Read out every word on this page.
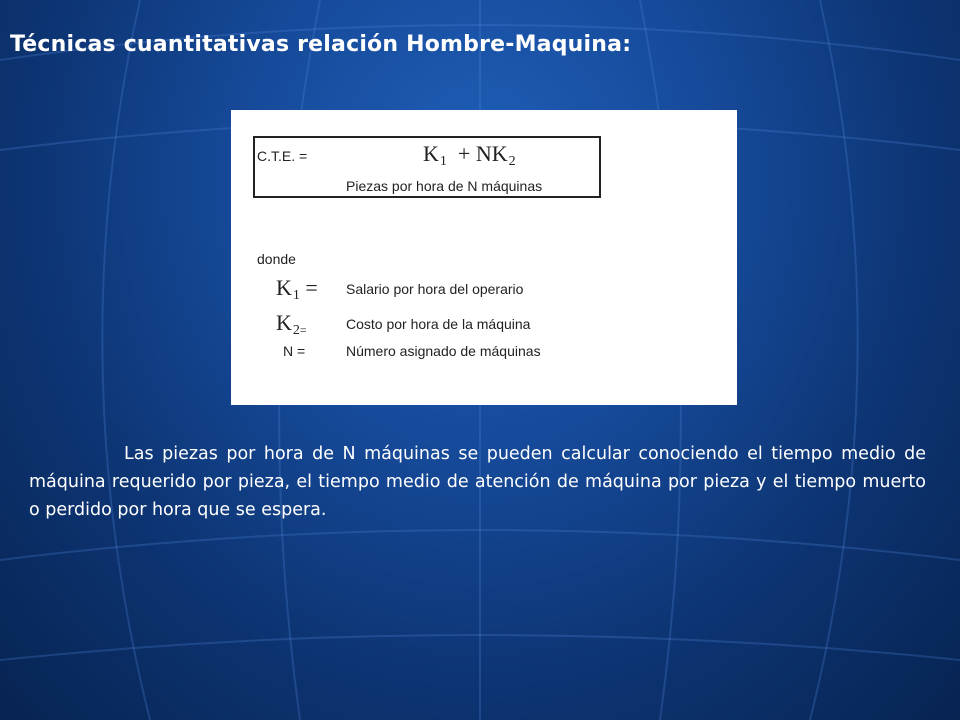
Técnicas cuantitativas relación Hombre-Maquina:
C.T.E. =	$K_1 + NK_2$
Piezas por hora de N máquinas
donde
$K_1$ = Salario por hora del operario
$K_2=$	Costo por hora de la máquina
N =	Número asignado de máquinas
Las piezas por hora de N máquinas se pueden calcular conociendo el tiempo medio de máquina requerido por pieza, el tiempo medio de atención de máquina por pieza y el tiempo muerto o perdido por hora que se espera.
